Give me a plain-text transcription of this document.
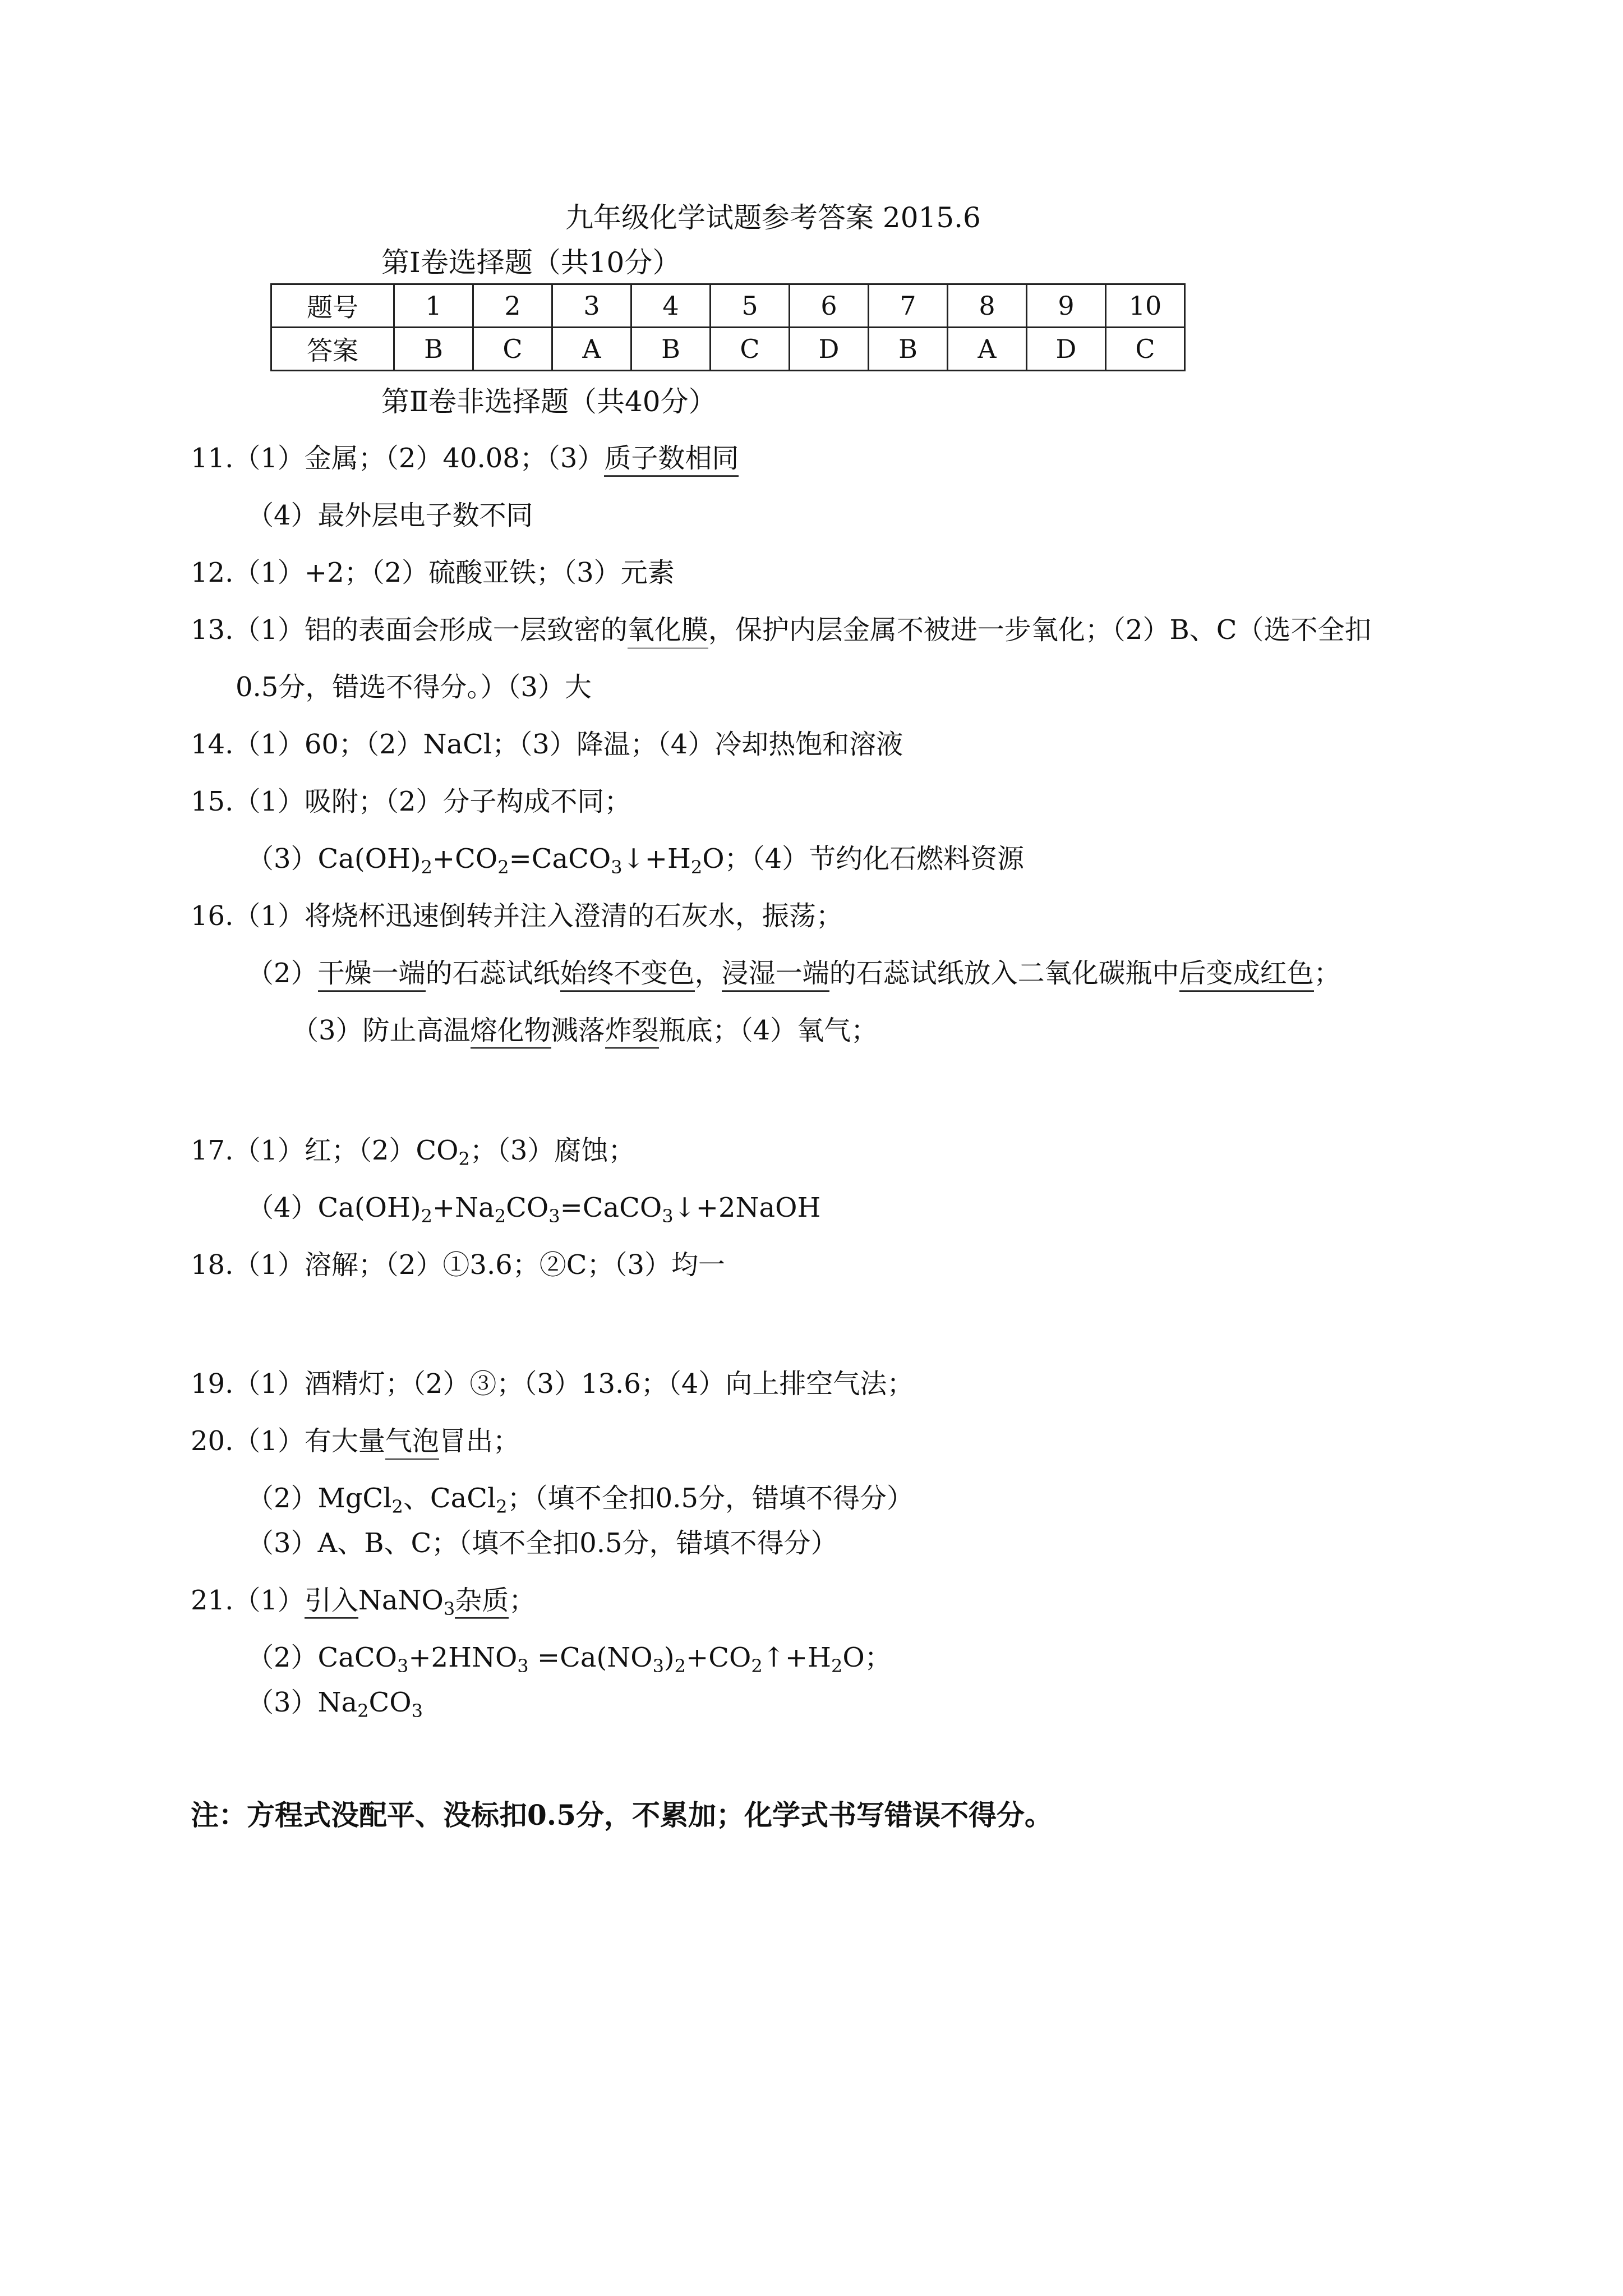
九年级化学试题参考答案 2015.6
第Ⅰ卷选择题（共10分）
题号	1	2	3	4	5	6	7	8	9	10
答案	B	C	A	B	C	D	B	A	D	C
第Ⅱ卷非选择题（共40分）
11.（1）金属；（2）40.08；（3）质子数相同
（4）最外层电子数不同
12.（1）+2；（2）硫酸亚铁；（3）元素
13.（1）铝的表面会形成一层致密的氧化膜，保护内层金属不被进一步氧化；（2）B、C（选不全扣
0.5分，错选不得分。）（3）大
14.（1）60；（2）NaCl；（3）降温；（4）冷却热饱和溶液
15.（1）吸附；（2）分子构成不同；
$(3)Ca(OH)_2+CO_2=CaCO_3↓+H_2O$；（4）节约化石燃料资源
16.（1）将烧杯迅速倒转并注入澄清的石灰水，振荡；
（2）干燥一端的石蕊试纸始终不变色，浸湿一端的石蕊试纸放入二氧化碳瓶中后变成红色；
（3）防止高温熔化物溅落炸裂瓶底；（4）氧气；
17.（1）红；$(2)CO_2$；（3）腐蚀；
$(4)Ca(OH)_2+Na_2CO_3=CaCO_3↓+2NaOH$
18.（1）溶解；（2）①3.6；②C；（3）均一
19.（1）酒精灯；（2）③；（3）13.6；（4）向上排空气法；
20.（1）有大量气泡冒出；
（2）MgCl$_2$、CaCl$_2$；（填不全扣0.5分，错填不得分）
（3）A、B、C；（填不全扣0.5分，错填不得分）
21.（1）引入NaNO$_3$杂质；
$(2)CaCO_3+2HNO_3$ $=Ca(NO_3)_2+CO_2↑+H_2O$；
$(3)Na_2CO_3$
注：方程式没配平、没标扣0.5分，不累加；化学式书写错误不得分。
